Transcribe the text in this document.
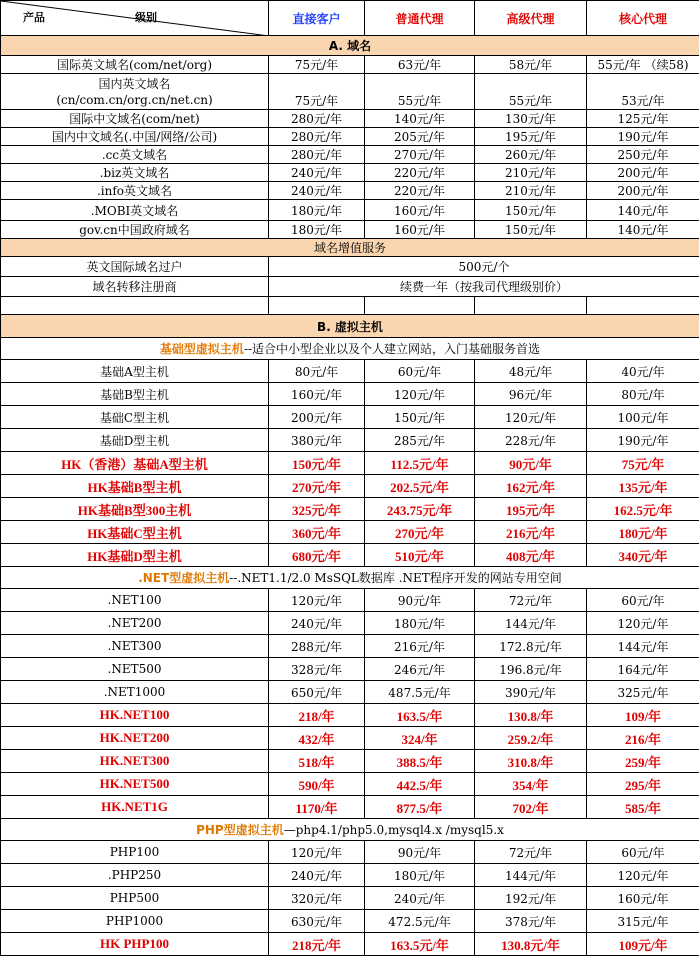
产品 级别	直接客户	普通代理	高级代理	核心代理
A. 域名				
国际英文域名(com/net/org)	75元/年	63元/年	58元/年	55元/年 （续58)

国内英文域名
(cn/com.cn/org.cn/net.cn)	75元/年	55元/年	55元/年	53元/年
国际中文域名(com/net)	280元/年	140元/年	130元/年	125元/年
国内中文域名(.中国/网络/公司)	280元/年	205元/年	195元/年	190元/年
.cc英文域名	280元/年	270元/年	260元/年	250元/年
.biz英文域名	240元/年	220元/年	210元/年	200元/年
.info英文域名	240元/年	220元/年	210元/年	200元/年
.MOBI英文域名	180元/年	160元/年	150元/年	140元/年
gov.cn中国政府域名	180元/年	160元/年	150元/年	140元/年
域名增值服务				
英文国际域名过户	500元/个			
域名转移注册商	续费一年（按我司代理级别价）			

B. 虚拟主机				
基础型虚拟主机--适合中小型企业以及个人建立网站，入门基础服务首选				
基础A型主机	80元/年	60元/年	48元/年	40元/年
基础B型主机	160元/年	120元/年	96元/年	80元/年
基础C型主机	200元/年	150元/年	120元/年	100元/年
基础D型主机	380元/年	285元/年	228元/年	190元/年
HK（香港）基础A型主机	150元/年	112.5元/年	90元/年	75元/年
HK基础B型主机	270元/年	202.5元/年	162元/年	135元/年
HK基础B型300主机	325元/年	243.75元/年	195元/年	162.5元/年
HK基础C型主机	360元/年	270元/年	216元/年	180元/年
HK基础D型主机	680元/年	510元/年	408元/年	340元/年
.NET型虚拟主机--.NET1.1/2.0 MsSQL数据库 .NET程序开发的网站专用空间				
.NET100	120元/年	90元/年	72元/年	60元/年
.NET200	240元/年	180元/年	144元/年	120元/年
.NET300	288元/年	216元/年	172.8元/年	144元/年
.NET500	328元/年	246元/年	196.8元/年	164元/年
.NET1000	650元/年	487.5元/年	390元/年	325元/年
HK.NET100	218/年	163.5/年	130.8/年	109/年
HK.NET200	432/年	324/年	259.2/年	216/年
HK.NET300	518/年	388.5/年	310.8/年	259/年
HK.NET500	590/年	442.5/年	354/年	295/年
HK.NET1G	1170/年	877.5/年	702/年	585/年
PHP型虚拟主机—php4.1/php5.0,mysql4.x /mysql5.x				
PHP100	120元/年	90元/年	72元/年	60元/年
.PHP250	240元/年	180元/年	144元/年	120元/年
PHP500	320元/年	240元/年	192元/年	160元/年
PHP1000	630元/年	472.5元/年	378元/年	315元/年
HK PHP100	218元/年	163.5元/年	130.8元/年	109元/年
